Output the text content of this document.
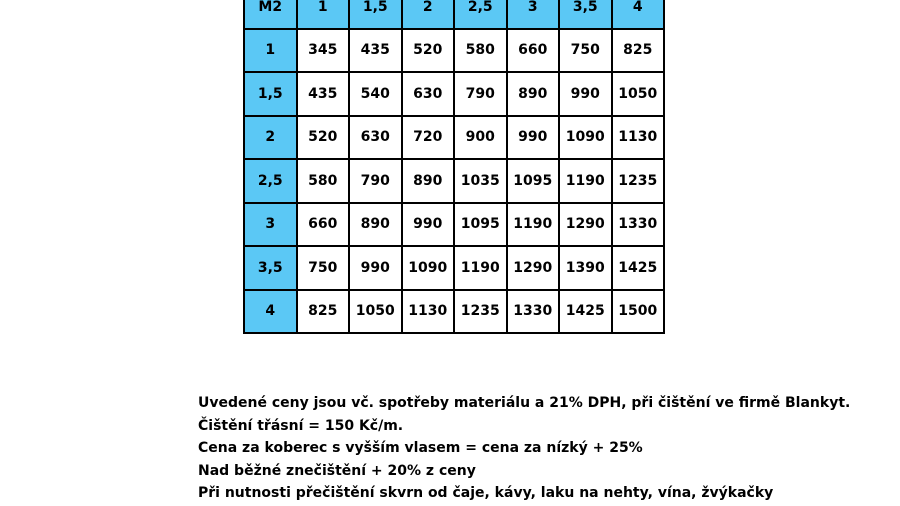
M2	1	1,5	2	2,5	3	3,5	4
1	345	435	520	580	660	750	825
1,5	435	540	630	790	890	990	1050
2	520	630	720	900	990	1090	1130
2,5	580	790	890	1035	1095	1190	1235
3	660	890	990	1095	1190	1290	1330
3,5	750	990	1090	1190	1290	1390	1425
4	825	1050	1130	1235	1330	1425	1500
Uvedené ceny jsou vč. spotřeby materiálu a 21% DPH, při čištění ve firmě Blankyt.
Čištění třásní = 150 Kč/m.
Cena za koberec s vyšším vlasem = cena za nízký + 25%
Nad běžné znečištění + 20% z ceny
Při nutnosti přečištění skvrn od čaje, kávy, laku na nehty, vína, žvýkačky
